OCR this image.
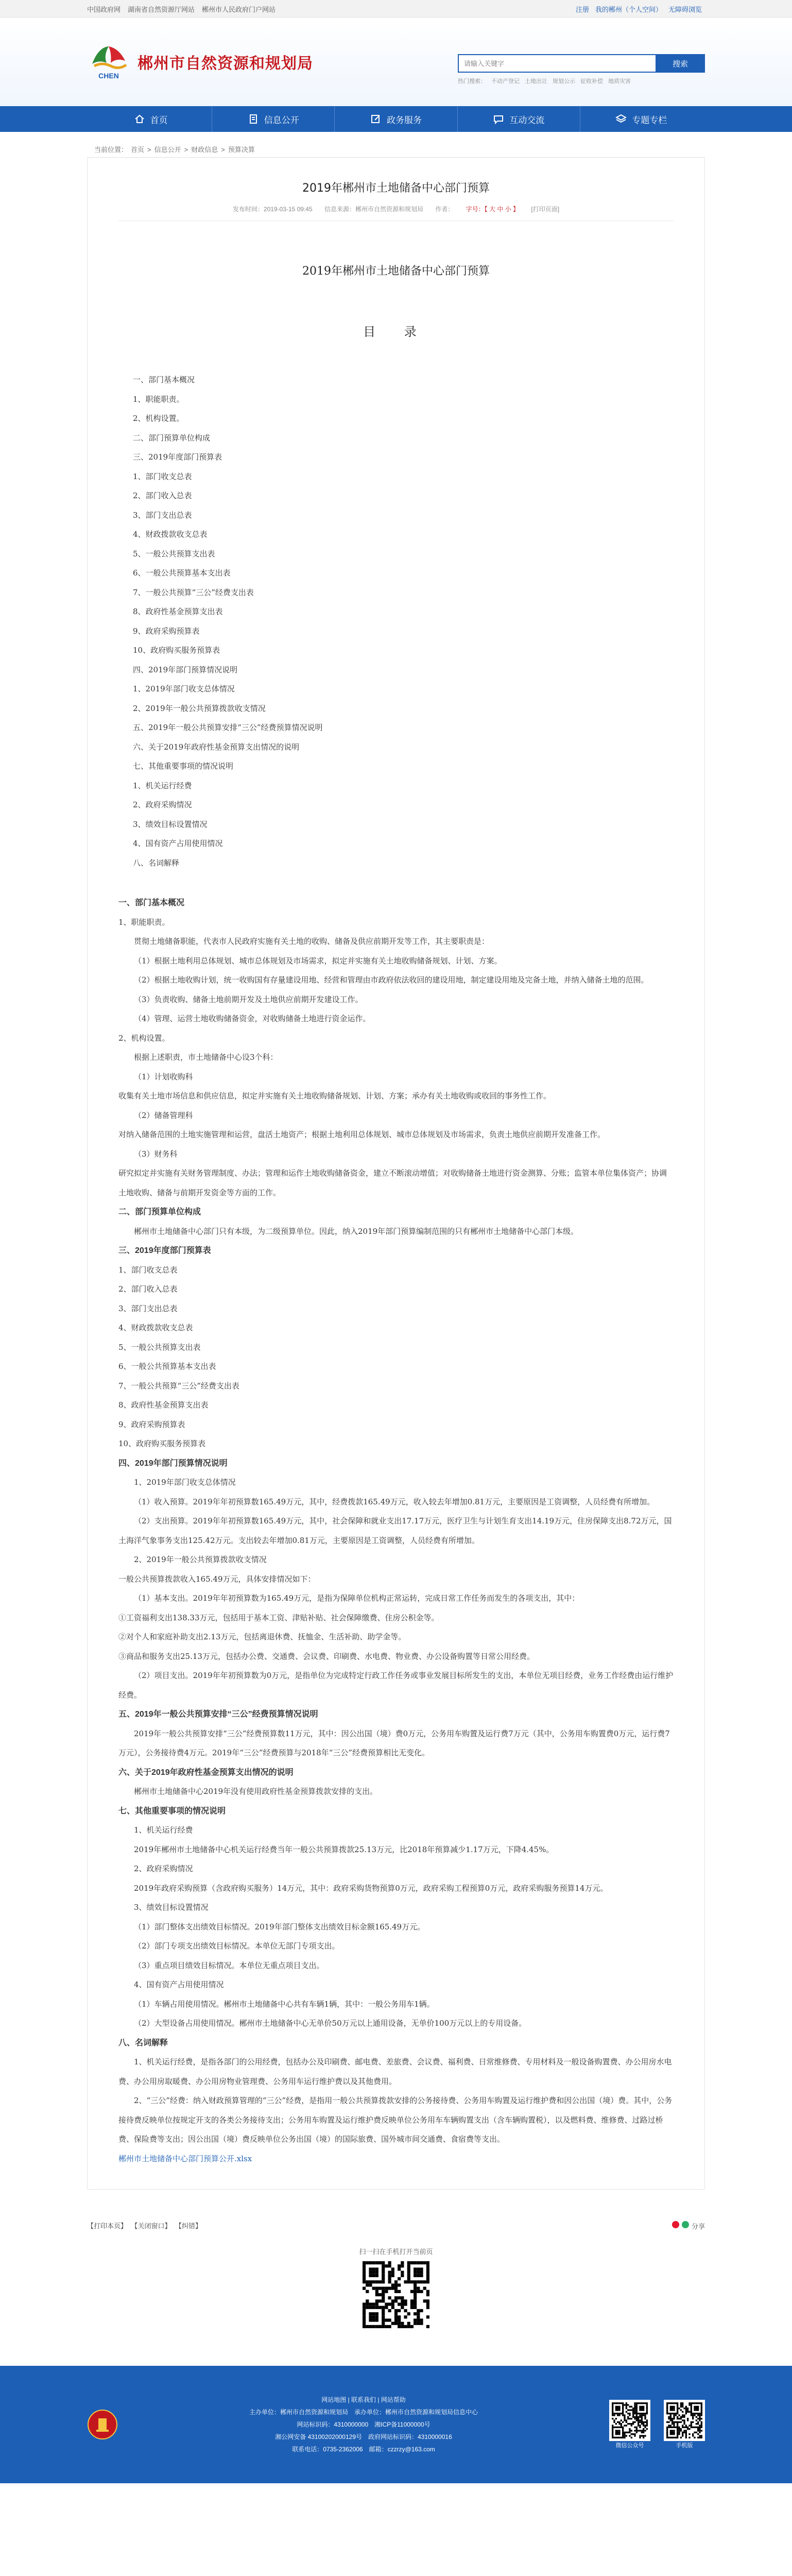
中国政府网 湖南省自然资源厅网站 郴州市人民政府门户网站	注册 我的郴州（个人空间） 无障碍浏览
CHEN
郴州市自然资源和规划局
请输入关键字	搜索
热门搜索： 不动产登记 土地出让 规划公示 征收补偿 地质灾害
首页	信息公开	政务服务	互动交流	专题专栏
当前位置： 首页 > 信息公开 > 财政信息 > 预算决算
2019年郴州市土地储备中心部门预算
发布时间：2019-03-15 09:45 信息来源：郴州市自然资源和规划局 作者： 字号：【 大 中 小 】 [打印页面]
2019年郴州市土地储备中心部门预算
目 录

一、部门基本概况

1、职能职责。

2、机构设置。

二、部门预算单位构成

三、2019年度部门预算表

1、部门收支总表

2、部门收入总表

3、部门支出总表

4、财政拨款收支总表

5、一般公共预算支出表

6、一般公共预算基本支出表

7、一般公共预算“三公”经费支出表

8、政府性基金预算支出表

9、政府采购预算表

10、政府购买服务预算表

四、2019年部门预算情况说明

1、2019年部门收支总体情况

2、2019年一般公共预算拨款收支情况

五、2019年一般公共预算安排“三公”经费预算情况说明

六、关于2019年政府性基金预算支出情况的说明

七、其他重要事项的情况说明

1、机关运行经费

2、政府采购情况

3、绩效目标设置情况

4、国有资产占用使用情况

八、名词解释

一、部门基本概况

1、职能职责。

贯彻土地储备职能，代表市人民政府实施有关土地的收购、储备及供应前期开发等工作，其主要职责是：

（1）根据土地利用总体规划、城市总体规划及市场需求，拟定并实施有关土地收购储备规划、计划、方案。

（2）根据土地收购计划，统一收购国有存量建设用地、经营和管理由市政府依法收回的建设用地，制定建设用地及完备土地，并纳入储备土地的范围。

（3）负责收购、储备土地前期开发及土地供应前期开发建设工作。

（4）管理、运营土地收购储备资金，对收购储备土地进行资金运作。

2、机构设置。

根据上述职责，市土地储备中心设3个科：

（1）计划收购科

收集有关土地市场信息和供应信息，拟定并实施有关土地收购储备规划、计划、方案；承办有关土地收购或收回的事务性工作。

（2）储备管理科

对纳入储备范围的土地实施管理和运营，盘活土地资产；根据土地利用总体规划、城市总体规划及市场需求，负责土地供应前期开发准备工作。

（3）财务科

研究拟定并实施有关财务管理制度、办法；管理和运作土地收购储备资金，建立不断滚动增值；对收购储备土地进行资金测算、分账；监管本单位集体资产；协调土地收购、储备与前期开发资金等方面的工作。

二、部门预算单位构成

郴州市土地储备中心部门只有本级，为二级预算单位。因此，纳入2019年部门预算编制范围的只有郴州市土地储备中心部门本级。

三、2019年度部门预算表

1、部门收支总表

2、部门收入总表

3、部门支出总表

4、财政拨款收支总表

5、一般公共预算支出表

6、一般公共预算基本支出表

7、一般公共预算“三公”经费支出表

8、政府性基金预算支出表

9、政府采购预算表

10、政府购买服务预算表

四、2019年部门预算情况说明

1、2019年部门收支总体情况

（1）收入预算。2019年年初预算数165.49万元，其中，经费拨款165.49万元，收入较去年增加0.81万元，主要原因是工资调整，人员经费有所增加。

（2）支出预算。2019年年初预算数165.49万元，其中，社会保障和就业支出17.17万元，医疗卫生与计划生育支出14.19万元，住房保障支出8.72万元，国土海洋气象事务支出125.42万元。支出较去年增加0.81万元，主要原因是工资调整，人员经费有所增加。

2、2019年一般公共预算拨款收支情况

一般公共预算拨款收入165.49万元，具体安排情况如下：

（1）基本支出。2019年年初预算数为165.49万元，是指为保障单位机构正常运转，完成日常工作任务而发生的各项支出，其中：

①工资福利支出138.33万元，包括用于基本工资、津贴补贴、社会保障缴费、住房公积金等。

②对个人和家庭补助支出2.13万元，包括离退休费、抚恤金、生活补助、助学金等。

③商品和服务支出25.13万元，包括办公费、交通费、会议费、印刷费、水电费、物业费、办公设备购置等日常公用经费。

（2）项目支出。2019年年初预算数为0万元，是指单位为完成特定行政工作任务或事业发展目标所发生的支出，本单位无项目经费，业务工作经费由运行维护经费。

五、2019年一般公共预算安排“三公”经费预算情况说明

2019年一般公共预算安排“三公”经费预算数11万元，其中：因公出国（境）费0万元，公务用车购置及运行费7万元（其中，公务用车购置费0万元，运行费7万元），公务接待费4万元。2019年“三公”经费预算与2018年“三公”经费预算相比无变化。

六、关于2019年政府性基金预算支出情况的说明

郴州市土地储备中心2019年没有使用政府性基金预算拨款安排的支出。

七、其他重要事项的情况说明

1、机关运行经费

2019年郴州市土地储备中心机关运行经费当年一般公共预算拨款25.13万元，比2018年预算减少1.17万元，下降4.45%。

2、政府采购情况

2019年政府采购预算（含政府购买服务）14万元，其中：政府采购货物预算0万元，政府采购工程预算0万元，政府采购服务预算14万元。

3、绩效目标设置情况

（1）部门整体支出绩效目标情况。2019年部门整体支出绩效目标金额165.49万元。

（2）部门专项支出绩效目标情况。本单位无部门专项支出。

（3）重点项目绩效目标情况。本单位无重点项目支出。

4、国有资产占用使用情况

（1）车辆占用使用情况。郴州市土地储备中心共有车辆1辆，其中：一般公务用车1辆。

（2）大型设备占用使用情况。郴州市土地储备中心无单价50万元以上通用设备，无单价100万元以上的专用设备。

八、名词解释

1、机关运行经费，是指各部门的公用经费，包括办公及印刷费、邮电费、差旅费、会议费、福利费、日常维修费、专用材料及一般设备购置费、办公用房水电费、办公用房取暖费、办公用房物业管理费、公务用车运行维护费以及其他费用。

2、“三公”经费：纳入财政预算管理的“三公”经费，是指用一般公共预算拨款安排的公务接待费、公务用车购置及运行维护费和因公出国（境）费。其中，公务接待费反映单位按规定开支的各类公务接待支出；公务用车购置及运行维护费反映单位公务用车车辆购置支出（含车辆购置税），以及燃料费、维修费、过路过桥费、保险费等支出；因公出国（境）费反映单位公务出国（境）的国际旅费、国外城市间交通费、食宿费等支出。

郴州市土地储备中心部门预算公开.xlsx

【打印本页】 【关闭窗口】 【纠错】	分享
扫一扫在手机打开当前页
网站地图 | 联系我们 | 网站帮助
主办单位：郴州市自然资源和规划局　承办单位：郴州市自然资源和规划局信息中心
网站标识码：4310000000　湘ICP备11000000号
湘公网安备 43100202000129号　政府网站标识码：4310000016
联系电话：0735-2362006　邮箱：czzrzy@163.com	微信公众号	手机版
